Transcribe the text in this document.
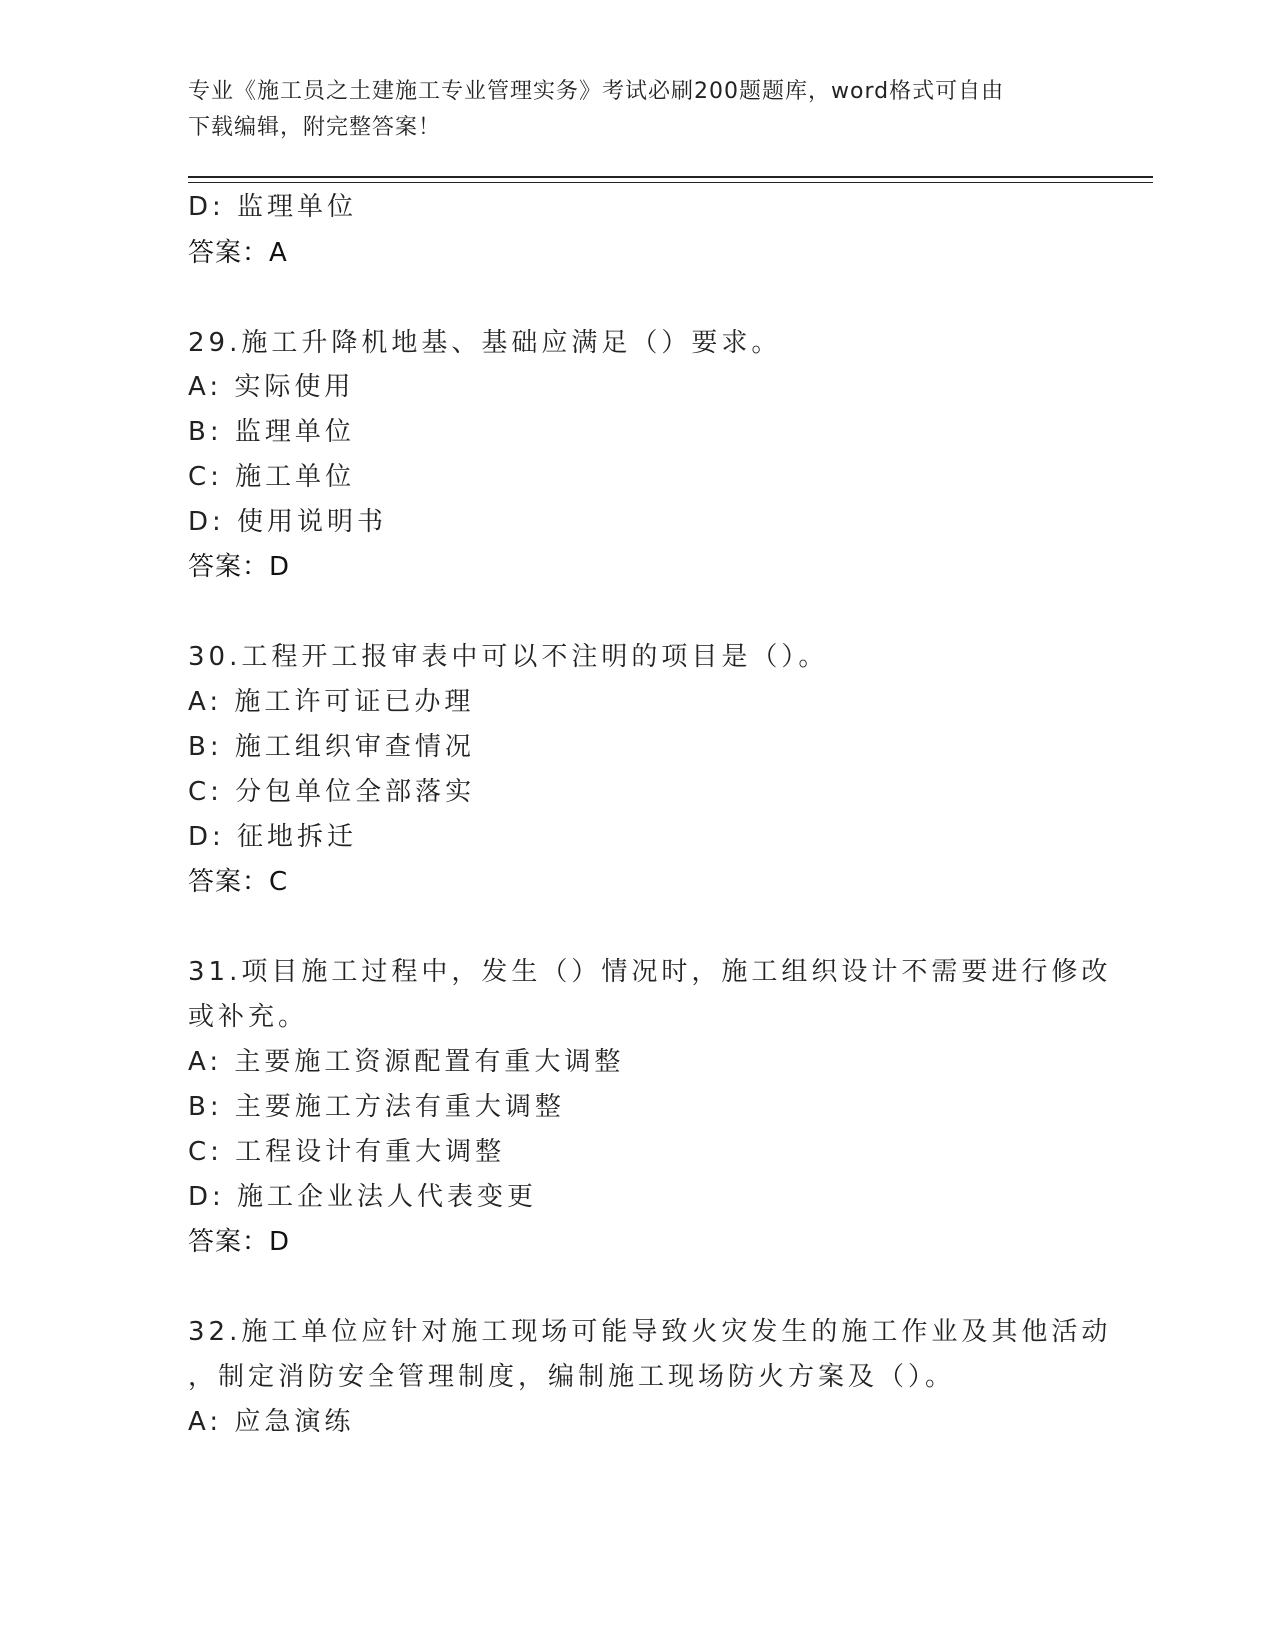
专业《施工员之土建施工专业管理实务》考试必刷200题题库，word格式可自由
下载编辑，附完整答案！
D: 监理单位
答案：A
29.施工升降机地基、基础应满足（）要求。
A: 实际使用
B: 监理单位
C: 施工单位
D: 使用说明书
答案：D
30.工程开工报审表中可以不注明的项目是（）。
A: 施工许可证已办理
B: 施工组织审查情况
C: 分包单位全部落实
D: 征地拆迁
答案：C
31.项目施工过程中，发生（）情况时，施工组织设计不需要进行修改
或补充。
A: 主要施工资源配置有重大调整
B: 主要施工方法有重大调整
C: 工程设计有重大调整
D: 施工企业法人代表变更
答案：D
32.施工单位应针对施工现场可能导致火灾发生的施工作业及其他活动
，制定消防安全管理制度，编制施工现场防火方案及（）。
A: 应急演练
